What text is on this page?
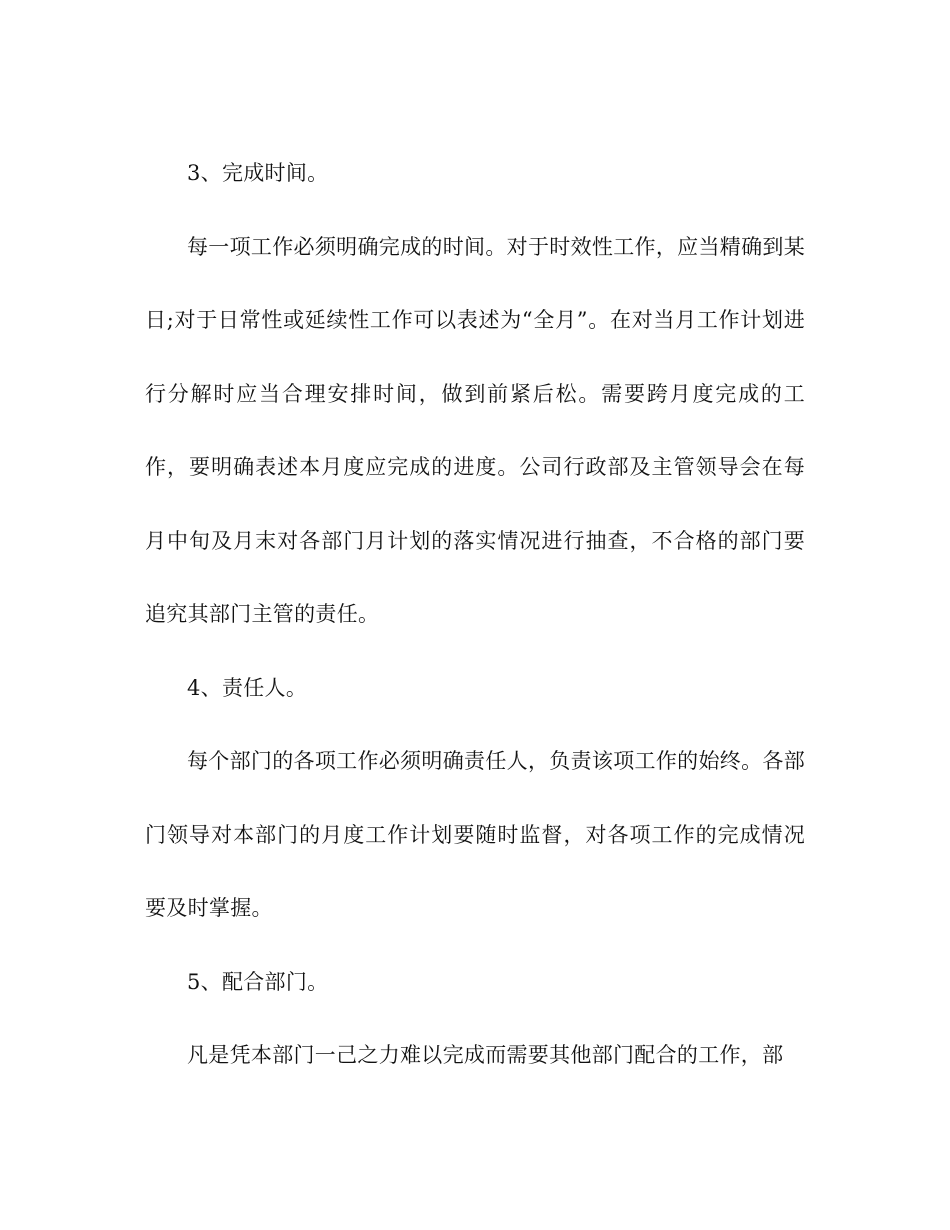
3、完成时间。

每一项工作必须明确完成的时间。对于时效性工作，应当精确到某日;对于日常性或延续性工作可以表述为“全月”。在对当月工作计划进行分解时应当合理安排时间，做到前紧后松。需要跨月度完成的工作，要明确表述本月度应完成的进度。公司行政部及主管领导会在每月中旬及月末对各部门月计划的落实情况进行抽查，不合格的部门要追究其部门主管的责任。

4、责任人。

每个部门的各项工作必须明确责任人，负责该项工作的始终。各部门领导对本部门的月度工作计划要随时监督，对各项工作的完成情况要及时掌握。

5、配合部门。

凡是凭本部门一己之力难以完成而需要其他部门配合的工作，部
